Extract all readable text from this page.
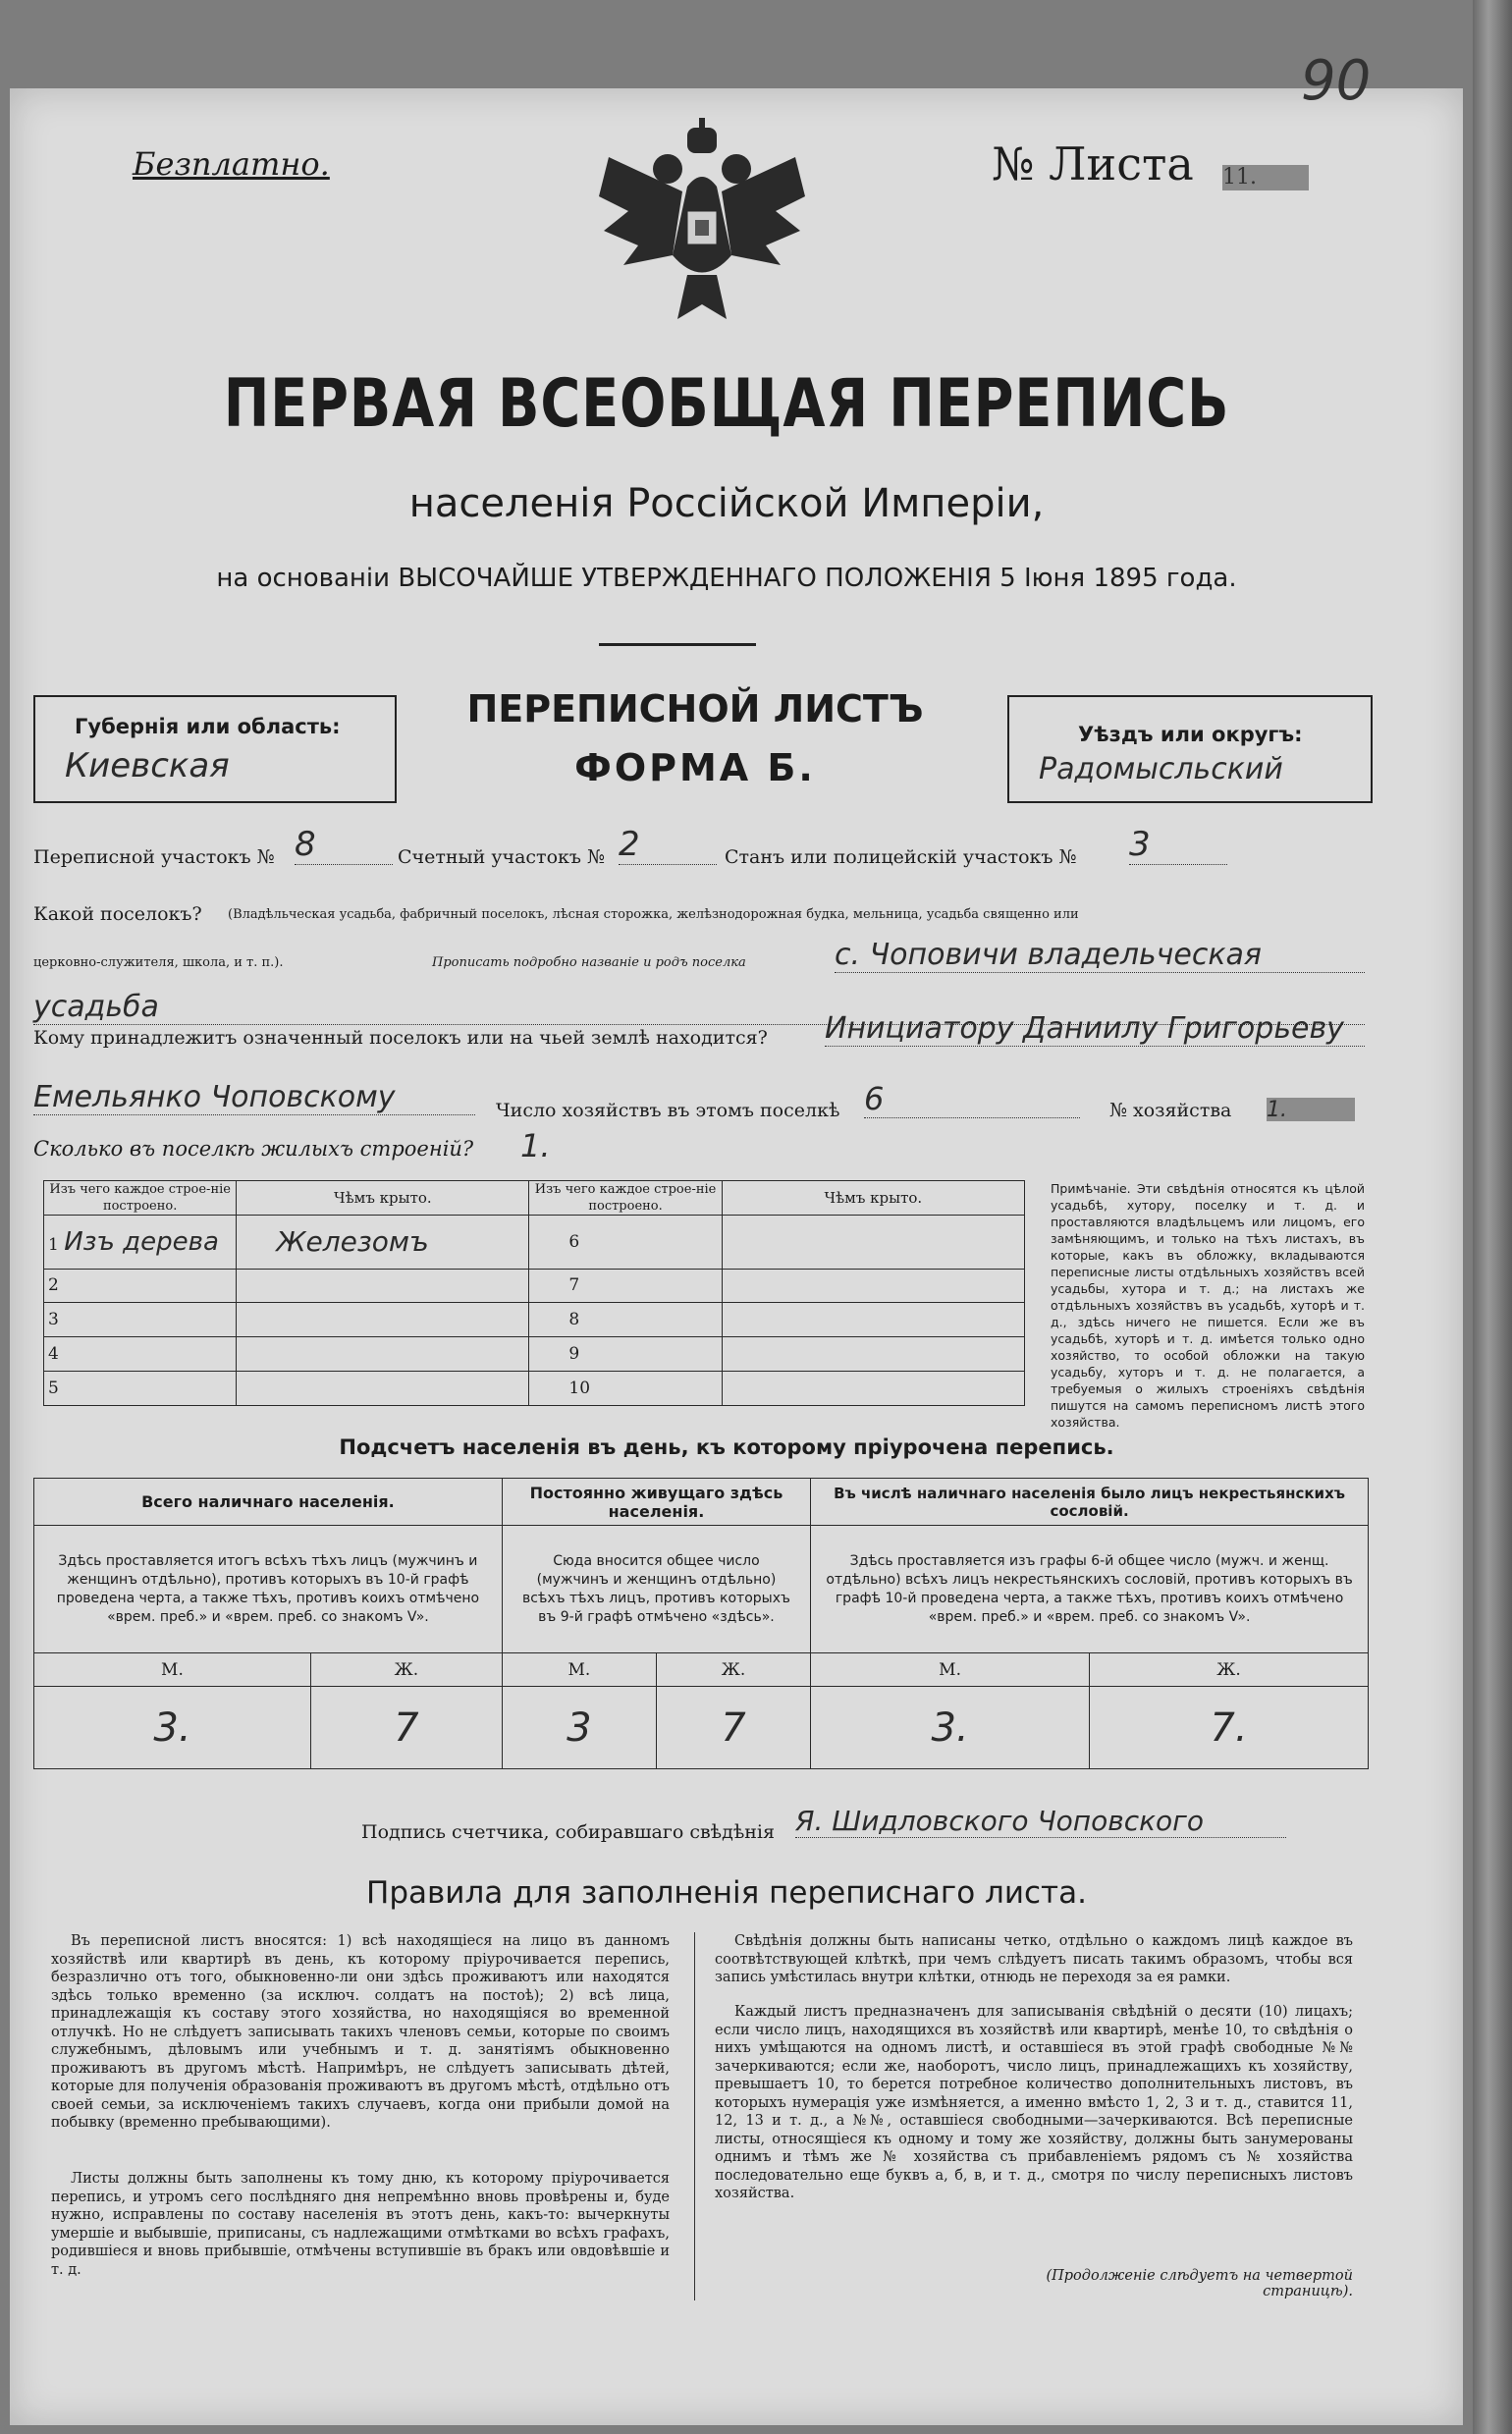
90
Безплатно.	№ Листа 11.
ПЕРВАЯ ВСЕОБЩАЯ ПЕРЕПИСЬ
населенія Россійской Имперіи,
на основаніи ВЫСОЧАЙШЕ УТВЕРЖДЕННАГО ПОЛОЖЕНІЯ 5 Іюня 1895 года.
Губернія или область:
Киевская
ПЕРЕПИСНОЙ ЛИСТЪ
ФОРМА Б.
Уѣздъ или округъ:
Радомысльский
Переписной участокъ № 8	Счетный участокъ № 2	Станъ или полицейскій участокъ № 3
Какой поселокъ? (Владѣльческая усадьба, фабричный поселокъ, лѣсная сторожка, желѣзнодорожная будка, мельница, усадьба священно или
церковно-служителя, школа, и т. п.).	Прописать подробно названіе и родъ поселка	с. Чоповичи владельческая
усадьба
Кому принадлежитъ означенный поселокъ или на чьей землѣ находится? Инициатору Даниилу Григорьеву
Емельянко Чоповскому	Число хозяйствъ въ этомъ поселкѣ 6	№ хозяйства 1.
Сколько въ поселкѣ жилыхъ строеній? 1.
Изъ чего каждое строе-ніе построено.	Чѣмъ крыто.	Изъ чего каждое строе-ніе построено.	Чѣмъ крыто.
1 Изъ дерева	Железомъ	6	
2		7	
3		8	
4		9	
5		10	
Примѣчаніе. Эти свѣдѣнія относятся къ цѣлой усадьбѣ, хутору, поселку и т. д. и проставляются владѣльцемъ или лицомъ, его замѣняющимъ, и только на тѣхъ листахъ, въ которые, какъ въ обложку, вкладываются переписные листы отдѣльныхъ хозяйствъ всей усадьбы, хутора и т. д.; на листахъ же отдѣльныхъ хозяйствъ въ усадьбѣ, хуторѣ и т. д., здѣсь ничего не пишется. Если же въ усадьбѣ, хуторѣ и т. д. имѣется только одно хозяйство, то особой обложки на такую усадьбу, хуторъ и т. д. не полагается, а требуемыя о жилыхъ строеніяхъ свѣдѣнія пишутся на самомъ переписномъ листѣ этого хозяйства.
Подсчетъ населенія въ день, къ которому пріурочена перепись.
Всего наличнаго населенія.		Постоянно живущаго здѣсь населенія.		Въ числѣ наличнаго населенія было лицъ некрестьянскихъ сословій.	
Здѣсь проставляется итогъ всѣхъ тѣхъ лицъ (мужчинъ и женщинъ отдѣльно), противъ которыхъ въ 10-й графѣ проведена черта, а также тѣхъ, противъ коихъ отмѣчено «врем. преб.» и «врем. преб. со знакомъ V».		Сюда вносится общее число (мужчинъ и женщинъ отдѣльно) всѣхъ тѣхъ лицъ, противъ которыхъ въ 9-й графѣ отмѣчено «здѣсь».		Здѣсь проставляется изъ графы 6-й общее число (мужч. и женщ. отдѣльно) всѣхъ лицъ некрестьянскихъ сословій, противъ которыхъ въ графѣ 10-й проведена черта, а также тѣхъ, противъ коихъ отмѣчено «врем. преб.» и «врем. преб. со знакомъ V».	
М.	Ж.	М.	Ж.	М.	Ж.
3.	7	3	7	3.	7.
Подпись счетчика, собиравшаго свѣдѣнія Я. Шидловского Чоповского
Правила для заполненія переписнаго листа.
Въ переписной листъ вносятся: 1) всѣ находящіеся на лицо въ данномъ хозяйствѣ или квартирѣ въ день, къ которому пріурочивается перепись, безразлично отъ того, обыкновенно-ли они здѣсь проживаютъ или находятся здѣсь только временно (за исключ. солдатъ на постоѣ); 2) всѣ лица, принадлежащія къ составу этого хозяйства, но находящіяся во временной отлучкѣ. Но не слѣдуетъ записывать такихъ членовъ семьи, которые по своимъ служебнымъ, дѣловымъ или учебнымъ и т. д. занятіямъ обыкновенно проживаютъ въ другомъ мѣстѣ. Напримѣръ, не слѣдуетъ записывать дѣтей, которые для полученія образованія проживаютъ въ другомъ мѣстѣ, отдѣльно отъ своей семьи, за исключеніемъ такихъ случаевъ, когда они прибыли домой на побывку (временно пребывающими).
Листы должны быть заполнены къ тому дню, къ которому пріурочивается перепись, и утромъ сего послѣдняго дня непремѣнно вновь провѣрены и, буде нужно, исправлены по составу населенія въ этотъ день, какъ-то: вычеркнуты умершіе и выбывшіе, приписаны, съ надлежащими отмѣтками во всѣхъ графахъ, родившіеся и вновь прибывшіе, отмѣчены вступившіе въ бракъ или овдовѣвшіе и т. д.
Свѣдѣнія должны быть написаны четко, отдѣльно о каждомъ лицѣ каждое въ соотвѣтствующей клѣткѣ, при чемъ слѣдуетъ писать такимъ образомъ, чтобы вся запись умѣстилась внутри клѣтки, отнюдь не переходя за ея рамки.
Каждый листъ предназначенъ для записыванія свѣдѣній о десяти (10) лицахъ; если число лицъ, находящихся въ хозяйствѣ или квартирѣ, менѣе 10, то свѣдѣнія о нихъ умѣщаются на одномъ листѣ, и оставшіеся въ этой графѣ свободные №№ зачеркиваются; если же, наоборотъ, число лицъ, принадлежащихъ къ хозяйству, превышаетъ 10, то берется потребное количество дополнительныхъ листовъ, въ которыхъ нумерація уже измѣняется, а именно вмѣсто 1, 2, 3 и т. д., ставится 11, 12, 13 и т. д., а №№, оставшіеся свободными—зачеркиваются. Всѣ переписные листы, относящіеся къ одному и тому же хозяйству, должны быть занумерованы однимъ и тѣмъ же № хозяйства съ прибавленіемъ рядомъ съ № хозяйства последовательно еще буквъ а, б, в, и т. д., смотря по числу переписныхъ листовъ хозяйства.
(Продолженіе слѣдуетъ на четвертой страницѣ).
